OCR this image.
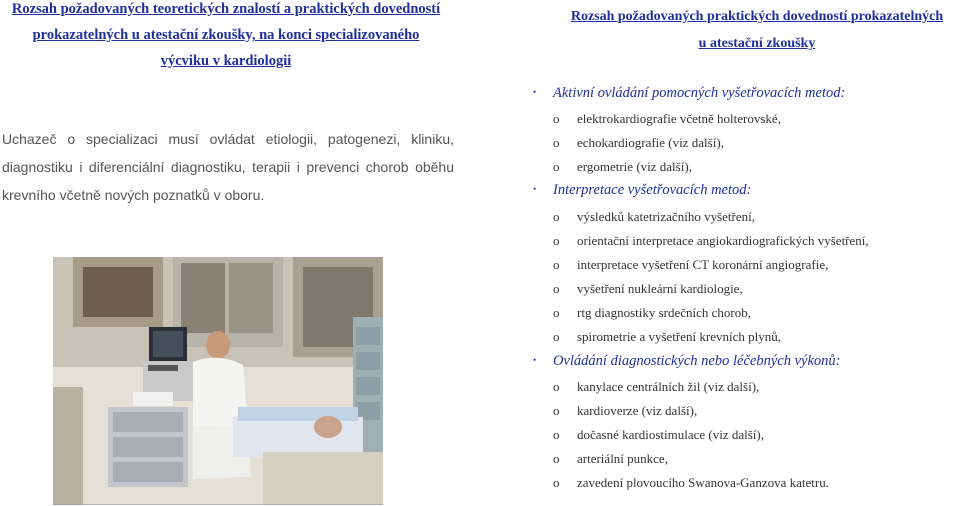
Rozsah požadovaných teoretických znalostí a praktických dovedností
prokazatelných u atestační zkoušky, na konci specializovaného
výcviku v kardiologii
Uchazeč o specializaci musí ovládat etiologii, patogenezi, kliniku, diagnostiku i diferenciální diagnostiku, terapii i prevenci chorob oběhu krevního včetně nových poznatků v oboru.
Rozsah požadovaných praktických dovedností prokazatelných
u atestační zkoušky
• Aktivní ovládání pomocných vyšetřovacích metod:
o elektrokardiografie včetně holterovské,
o echokardiografie (viz další),
o ergometrie (viz další),
• Interpretace vyšetřovacích metod:
o výsledků katetrizačního vyšetření,
o orientační interpretace angiokardiografických vyšetření,
o interpretace vyšetření CT koronární angiografie,
o vyšetření nukleární kardiologie,
o rtg diagnostiky srdečních chorob,
o spirometrie a vyšetření krevních plynů,
• Ovládání diagnostických nebo léčebných výkonů:
o kanylace centrálních žil (viz další),
o kardioverze (viz další),
o dočasné kardiostimulace (viz další),
o arteriální punkce,
o zavedení plovoucího Swanova-Ganzova katetru.
